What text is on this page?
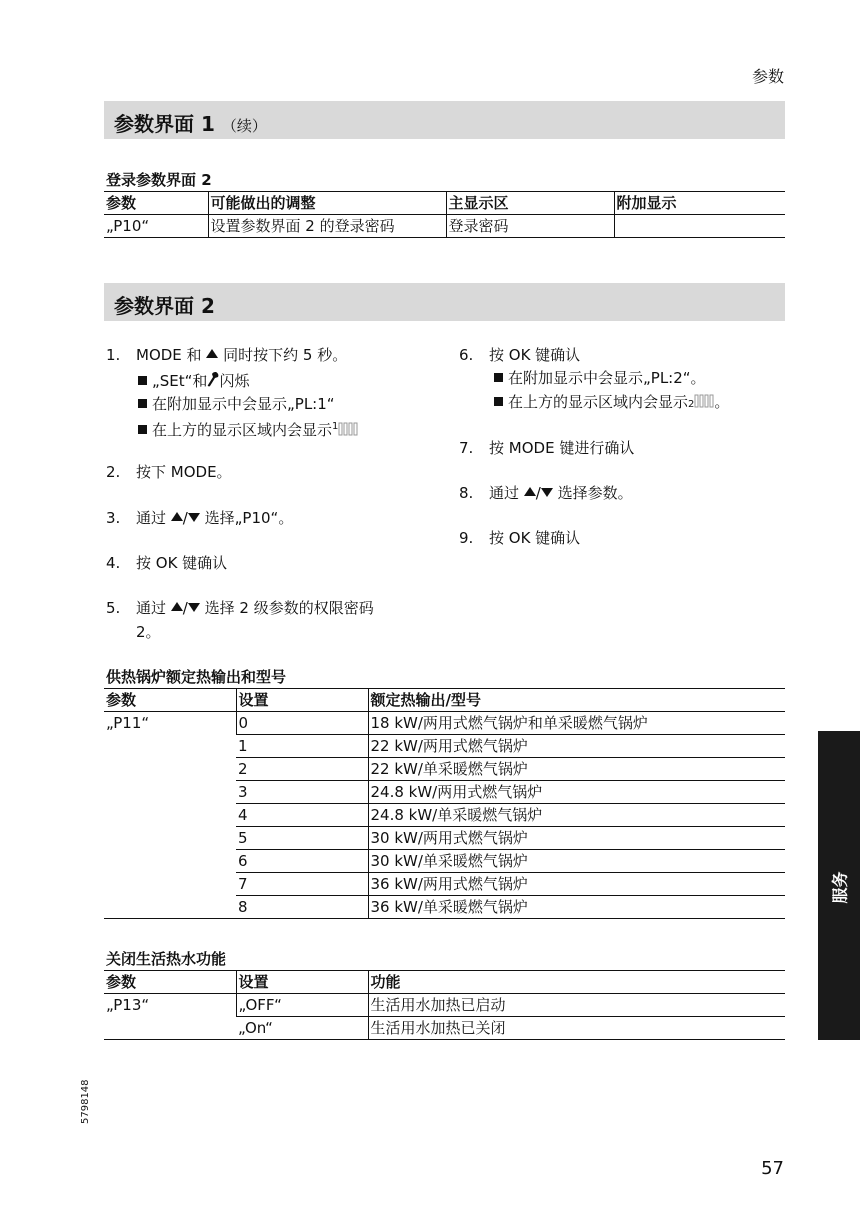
参数
参数界面 1 （续）
登录参数界面 2
参数	可能做出的调整	主显示区	附加显示
„P10“	设置参数界面 2 的登录密码	登录密码	
参数界面 2
1. MODE 和 同时按下约 5 秒。
„SEt“和 闪烁
在附加显示中会显示„PL:1“
在上方的显示区域内会显示$^1$
2. 按下 MODE。
3. 通过 / 选择„P10“。
4. 按 OK 键确认
5. 通过 / 选择 2 级参数的权限密码
2。
6. 按 OK 键确认
在附加显示中会显示„PL:2“。
在上方的显示区域内会显示2 。
7. 按 MODE 键进行确认
8. 通过 / 选择参数。
9. 按 OK 键确认
供热锅炉额定热输出和型号
参数	设置	额定热输出/型号
„P11“	0	18 kW/两用式燃气锅炉和单采暖燃气锅炉
	1	22 kW/两用式燃气锅炉
	2	22 kW/单采暖燃气锅炉
	3	24.8 kW/两用式燃气锅炉
	4	24.8 kW/单采暖燃气锅炉
	5	30 kW/两用式燃气锅炉
	6	30 kW/单采暖燃气锅炉
	7	36 kW/两用式燃气锅炉
	8	36 kW/单采暖燃气锅炉
关闭生活热水功能
参数	设置	功能
„P13“	„OFF“	生活用水加热已启动
	„On“	生活用水加热已关闭
服务
5798148
57
